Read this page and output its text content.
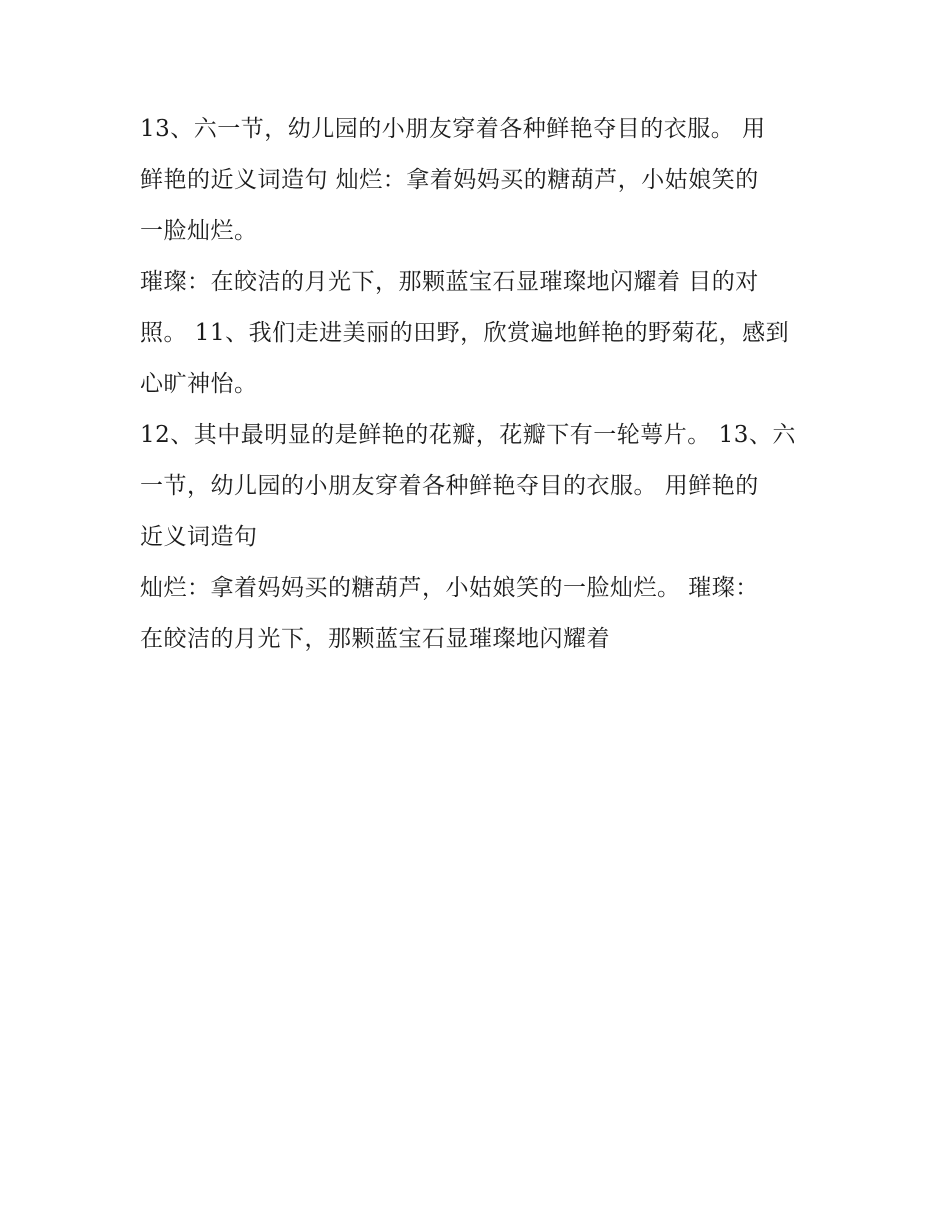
13、六一节，幼儿园的小朋友穿着各种鲜艳夺目的衣服。 用
鲜艳的近义词造句 灿烂：拿着妈妈买的糖葫芦，小姑娘笑的
一脸灿烂。

璀璨：在皎洁的月光下，那颗蓝宝石显璀璨地闪耀着 目的对
照。 11、我们走进美丽的田野，欣赏遍地鲜艳的野菊花，感到
心旷神怡。

12、其中最明显的是鲜艳的花瓣，花瓣下有一轮萼片。 13、六
一节，幼儿园的小朋友穿着各种鲜艳夺目的衣服。 用鲜艳的
近义词造句

灿烂：拿着妈妈买的糖葫芦，小姑娘笑的一脸灿烂。 璀璨：
在皎洁的月光下，那颗蓝宝石显璀璨地闪耀着
